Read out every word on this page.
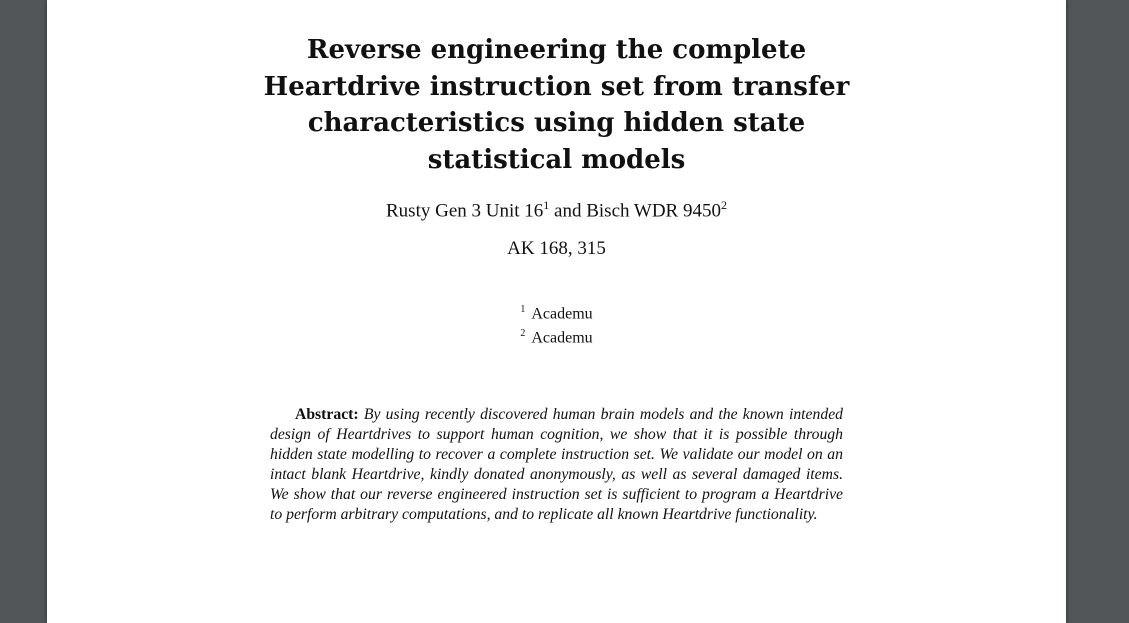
Reverse engineering the complete
Heartdrive instruction set from transfer
characteristics using hidden state
statistical models
Rusty Gen 3 Unit $16^1$ and Bisch WDR 9450$^2$
AK 168, 315
$^1$ Academu
$^2$ Academu
Abstract: By using recently discovered human brain models and the known intended design of Heartdrives to support human cognition, we show that it is possible through hidden state modelling to recover a complete instruction set. We validate our model on an intact blank Heartdrive, kindly donated anonymously, as well as several damaged items. We show that our reverse engineered instruction set is sufficient to program a Heartdrive to perform arbitrary computations, and to replicate all known Heartdrive functionality.
